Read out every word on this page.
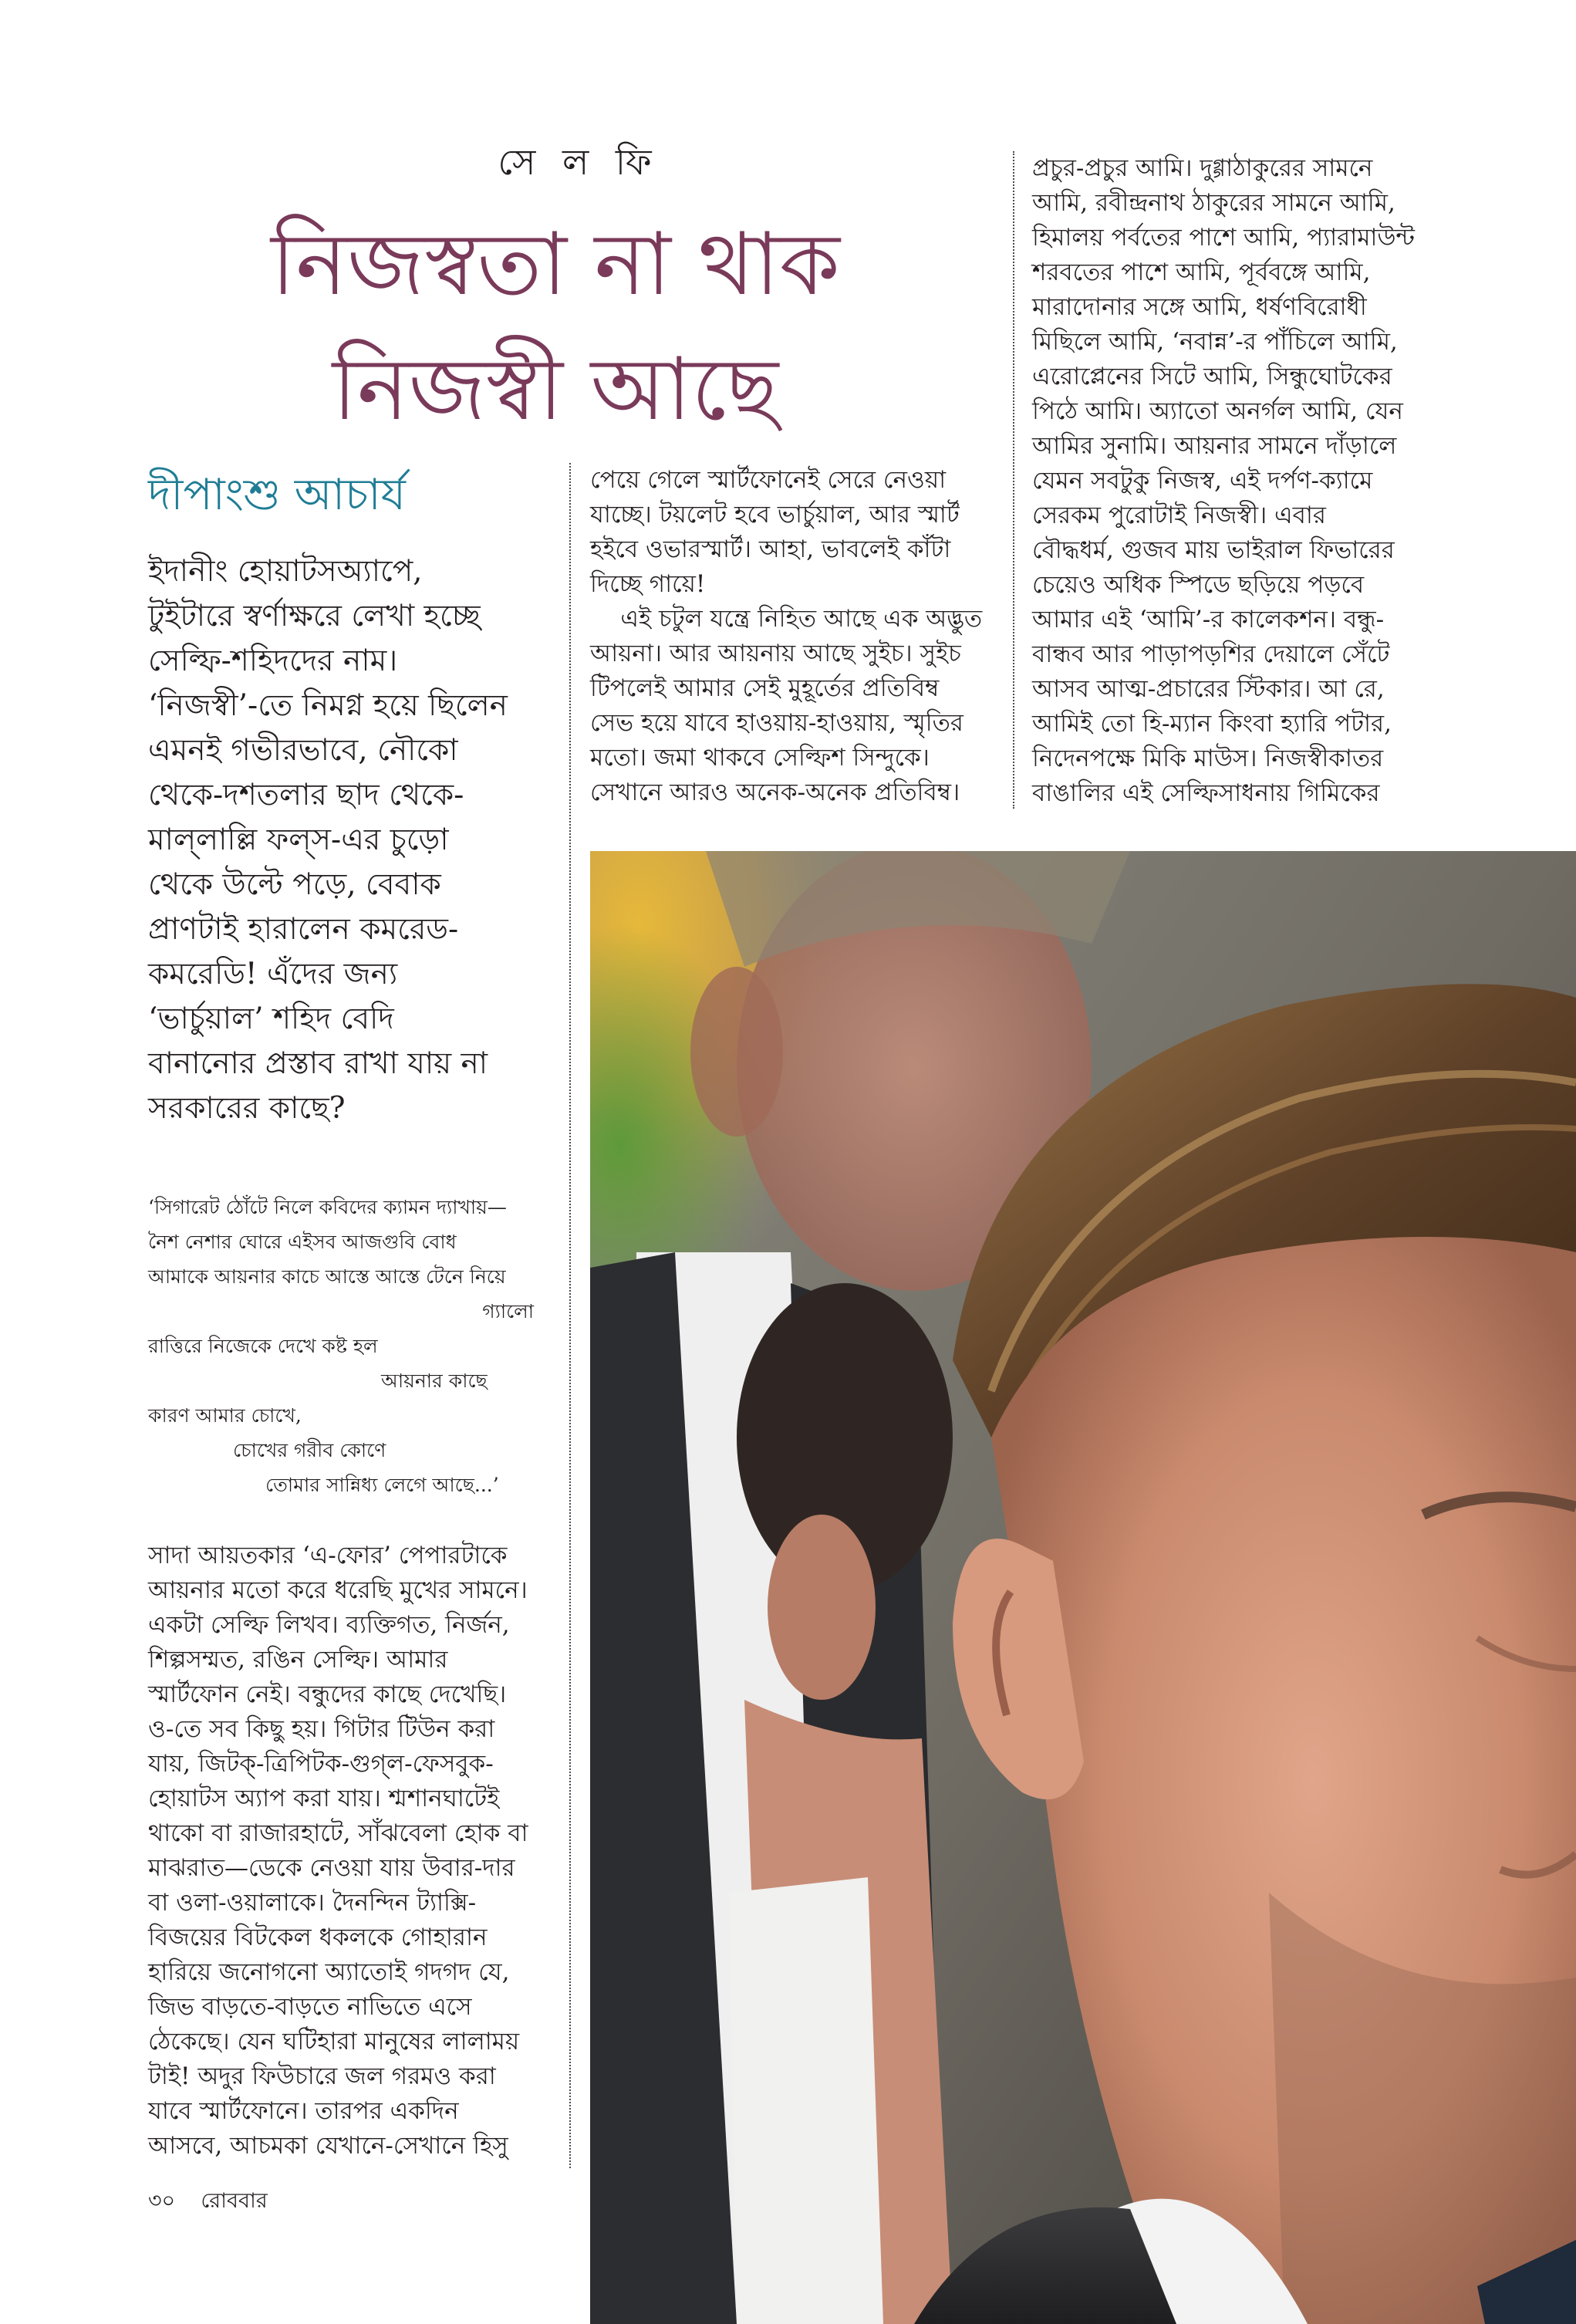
সে ল ফি
নিজস্বতা না থাক
নিজস্বী আছে
দীপাংশু আচার্য
ইদানীং হোয়াটসঅ্যাপে,
টুইটারে স্বর্ণাক্ষরে লেখা হচ্ছে
সেল্ফি-শহিদদের নাম।
‘নিজস্বী’-তে নিমগ্ন হয়ে ছিলেন
এমনই গভীরভাবে, নৌকো
থেকে-দশতলার ছাদ থেকে-
মাল্‌লাল্লি ফল্‌স-এর চুড়ো
থেকে উল্টে পড়ে, বেবাক
প্রাণটাই হারালেন কমরেড-
কমরেডি! এঁদের জন্য
‘ভার্চুয়াল’ শহিদ বেদি
বানানোর প্রস্তাব রাখা যায় না
সরকারের কাছে?
‘সিগারেট ঠোঁটে নিলে কবিদের ক্যামন দ্যাখায়—
নৈশ নেশার ঘোরে এইসব আজগুবি বোধ
আমাকে আয়নার কাচে আস্তে আস্তে টেনে নিয়ে
গ্যালো
রাত্তিরে নিজেকে দেখে কষ্ট হল
আয়নার কাছে
কারণ আমার চোখে,
চোখের গরীব কোণে
তোমার সান্নিধ্য লেগে আছে...’
সাদা আয়তকার ‘এ-ফোর’ পেপারটাকে
আয়নার মতো করে ধরেছি মুখের সামনে।
একটা সেল্ফি লিখব। ব্যক্তিগত, নির্জন,
শিল্পসম্মত, রঙিন সেল্ফি। আমার
স্মার্টফোন নেই। বন্ধুদের কাছে দেখেছি।
ও-তে সব কিছু হয়। গিটার টিউন করা
যায়, জিটক্‌-ত্রিপিটক-গুগ্‌ল-ফেসবুক-
হোয়াটস অ্যাপ করা যায়। শ্মশানঘাটেই
থাকো বা রাজারহাটে, সাঁঝবেলা হোক বা
মাঝরাত—ডেকে নেওয়া যায় উবার-দার
বা ওলা-ওয়ালাকে। দৈনন্দিন ট্যাক্সি-
বিজয়ের বিটকেল ধকলকে গোহারান
হারিয়ে জনোগনো অ্যাতোই গদগদ যে,
জিভ বাড়তে-বাড়তে নাভিতে এসে
ঠেকেছে। যেন ঘটিহারা মানুষের লালাময়
টাই! অদুর ফিউচারে জল গরমও করা
যাবে স্মার্টফোনে। তারপর একদিন
আসবে, আচমকা যেখানে-সেখানে হিসু
পেয়ে গেলে স্মার্টফোনেই সেরে নেওয়া
যাচ্ছে। টয়লেট হবে ভার্চুয়াল, আর স্মার্ট
হইবে ওভারস্মার্ট। আহা, ভাবলেই কাঁটা
দিচ্ছে গায়ে!
এই চটুল যন্ত্রে নিহিত আছে এক অদ্ভুত
আয়না। আর আয়নায় আছে সুইচ। সুইচ
টিপলেই আমার সেই মুহূর্তের প্রতিবিম্ব
সেভ হয়ে যাবে হাওয়ায়-হাওয়ায়, স্মৃতির
মতো। জমা থাকবে সেল্ফিশ সিন্দুকে।
সেখানে আরও অনেক-অনেক প্রতিবিম্ব।
প্রচুর-প্রচুর আমি। দুগ্গাঠাকুরের সামনে
আমি, রবীন্দ্রনাথ ঠাকুরের সামনে আমি,
হিমালয় পর্বতের পাশে আমি, প্যারামাউন্ট
শরবতের পাশে আমি, পূর্ববঙ্গে আমি,
মারাদোনার সঙ্গে আমি, ধর্ষণবিরোধী
মিছিলে আমি, ‘নবান্ন’-র পাঁচিলে আমি,
এরোপ্লেনের সিটে আমি, সিন্ধুঘোটকের
পিঠে আমি। অ্যাতো অনর্গল আমি, যেন
আমির সুনামি। আয়নার সামনে দাঁড়ালে
যেমন সবটুকু নিজস্ব, এই দর্পণ-ক্যামে
সেরকম পুরোটাই নিজস্বী। এবার
বৌদ্ধধর্ম, গুজব মায় ভাইরাল ফিভারের
চেয়েও অধিক স্পিডে ছড়িয়ে পড়বে
আমার এই ‘আমি’-র কালেকশন। বন্ধু-
বান্ধব আর পাড়াপড়শির দেয়ালে সেঁটে
আসব আত্ম-প্রচারের স্টিকার। আ রে,
আমিই তো হি-ম্যান কিংবা হ্যারি পটার,
নিদেনপক্ষে মিকি মাউস। নিজস্বীকাতর
বাঙালির এই সেল্ফিসাধনায় গিমিকের
৩০ রোববার
